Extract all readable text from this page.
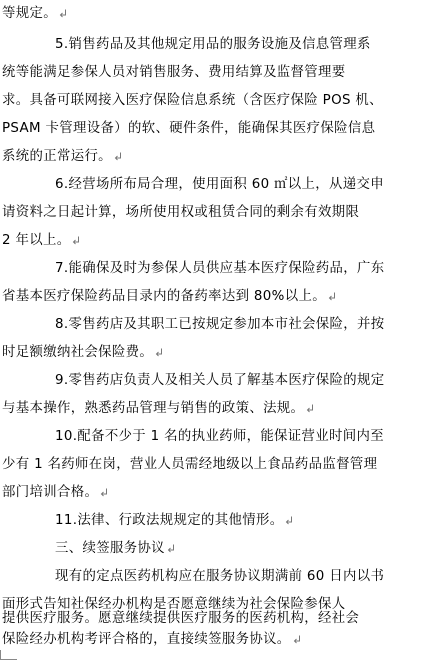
等规定。
5.销售药品及其他规定用品的服务设施及信息管理系
统等能满足参保人员对销售服务、费用结算及监督管理要
求。具备可联网接入医疗保险信息系统（含医疗保险 POS 机、
PSAM 卡管理设备）的软、硬件条件，能确保其医疗保险信息
系统的正常运行。
6.经营场所布局合理，使用面积 60 ㎡以上，从递交申
请资料之日起计算，场所使用权或租赁合同的剩余有效期限
2 年以上。
7.能确保及时为参保人员供应基本医疗保险药品，广东
省基本医疗保险药品目录内的备药率达到 80%以上。
8.零售药店及其职工已按规定参加本市社会保险，并按
时足额缴纳社会保险费。
9.零售药店负责人及相关人员了解基本医疗保险的规定
与基本操作，熟悉药品管理与销售的政策、法规。
10.配备不少于 1 名的执业药师，能保证营业时间内至
少有 1 名药师在岗，营业人员需经地级以上食品药品监督管理
部门培训合格。
11.法律、行政法规规定的其他情形。
三、续签服务协议
现有的定点医药机构应在服务协议期满前 60 日内以书
面形式告知社保经办机构是否愿意继续为社会保险参保人
提供医疗服务。愿意继续提供医疗服务的医药机构，经社会
保险经办机构考评合格的，直接续签服务协议。
